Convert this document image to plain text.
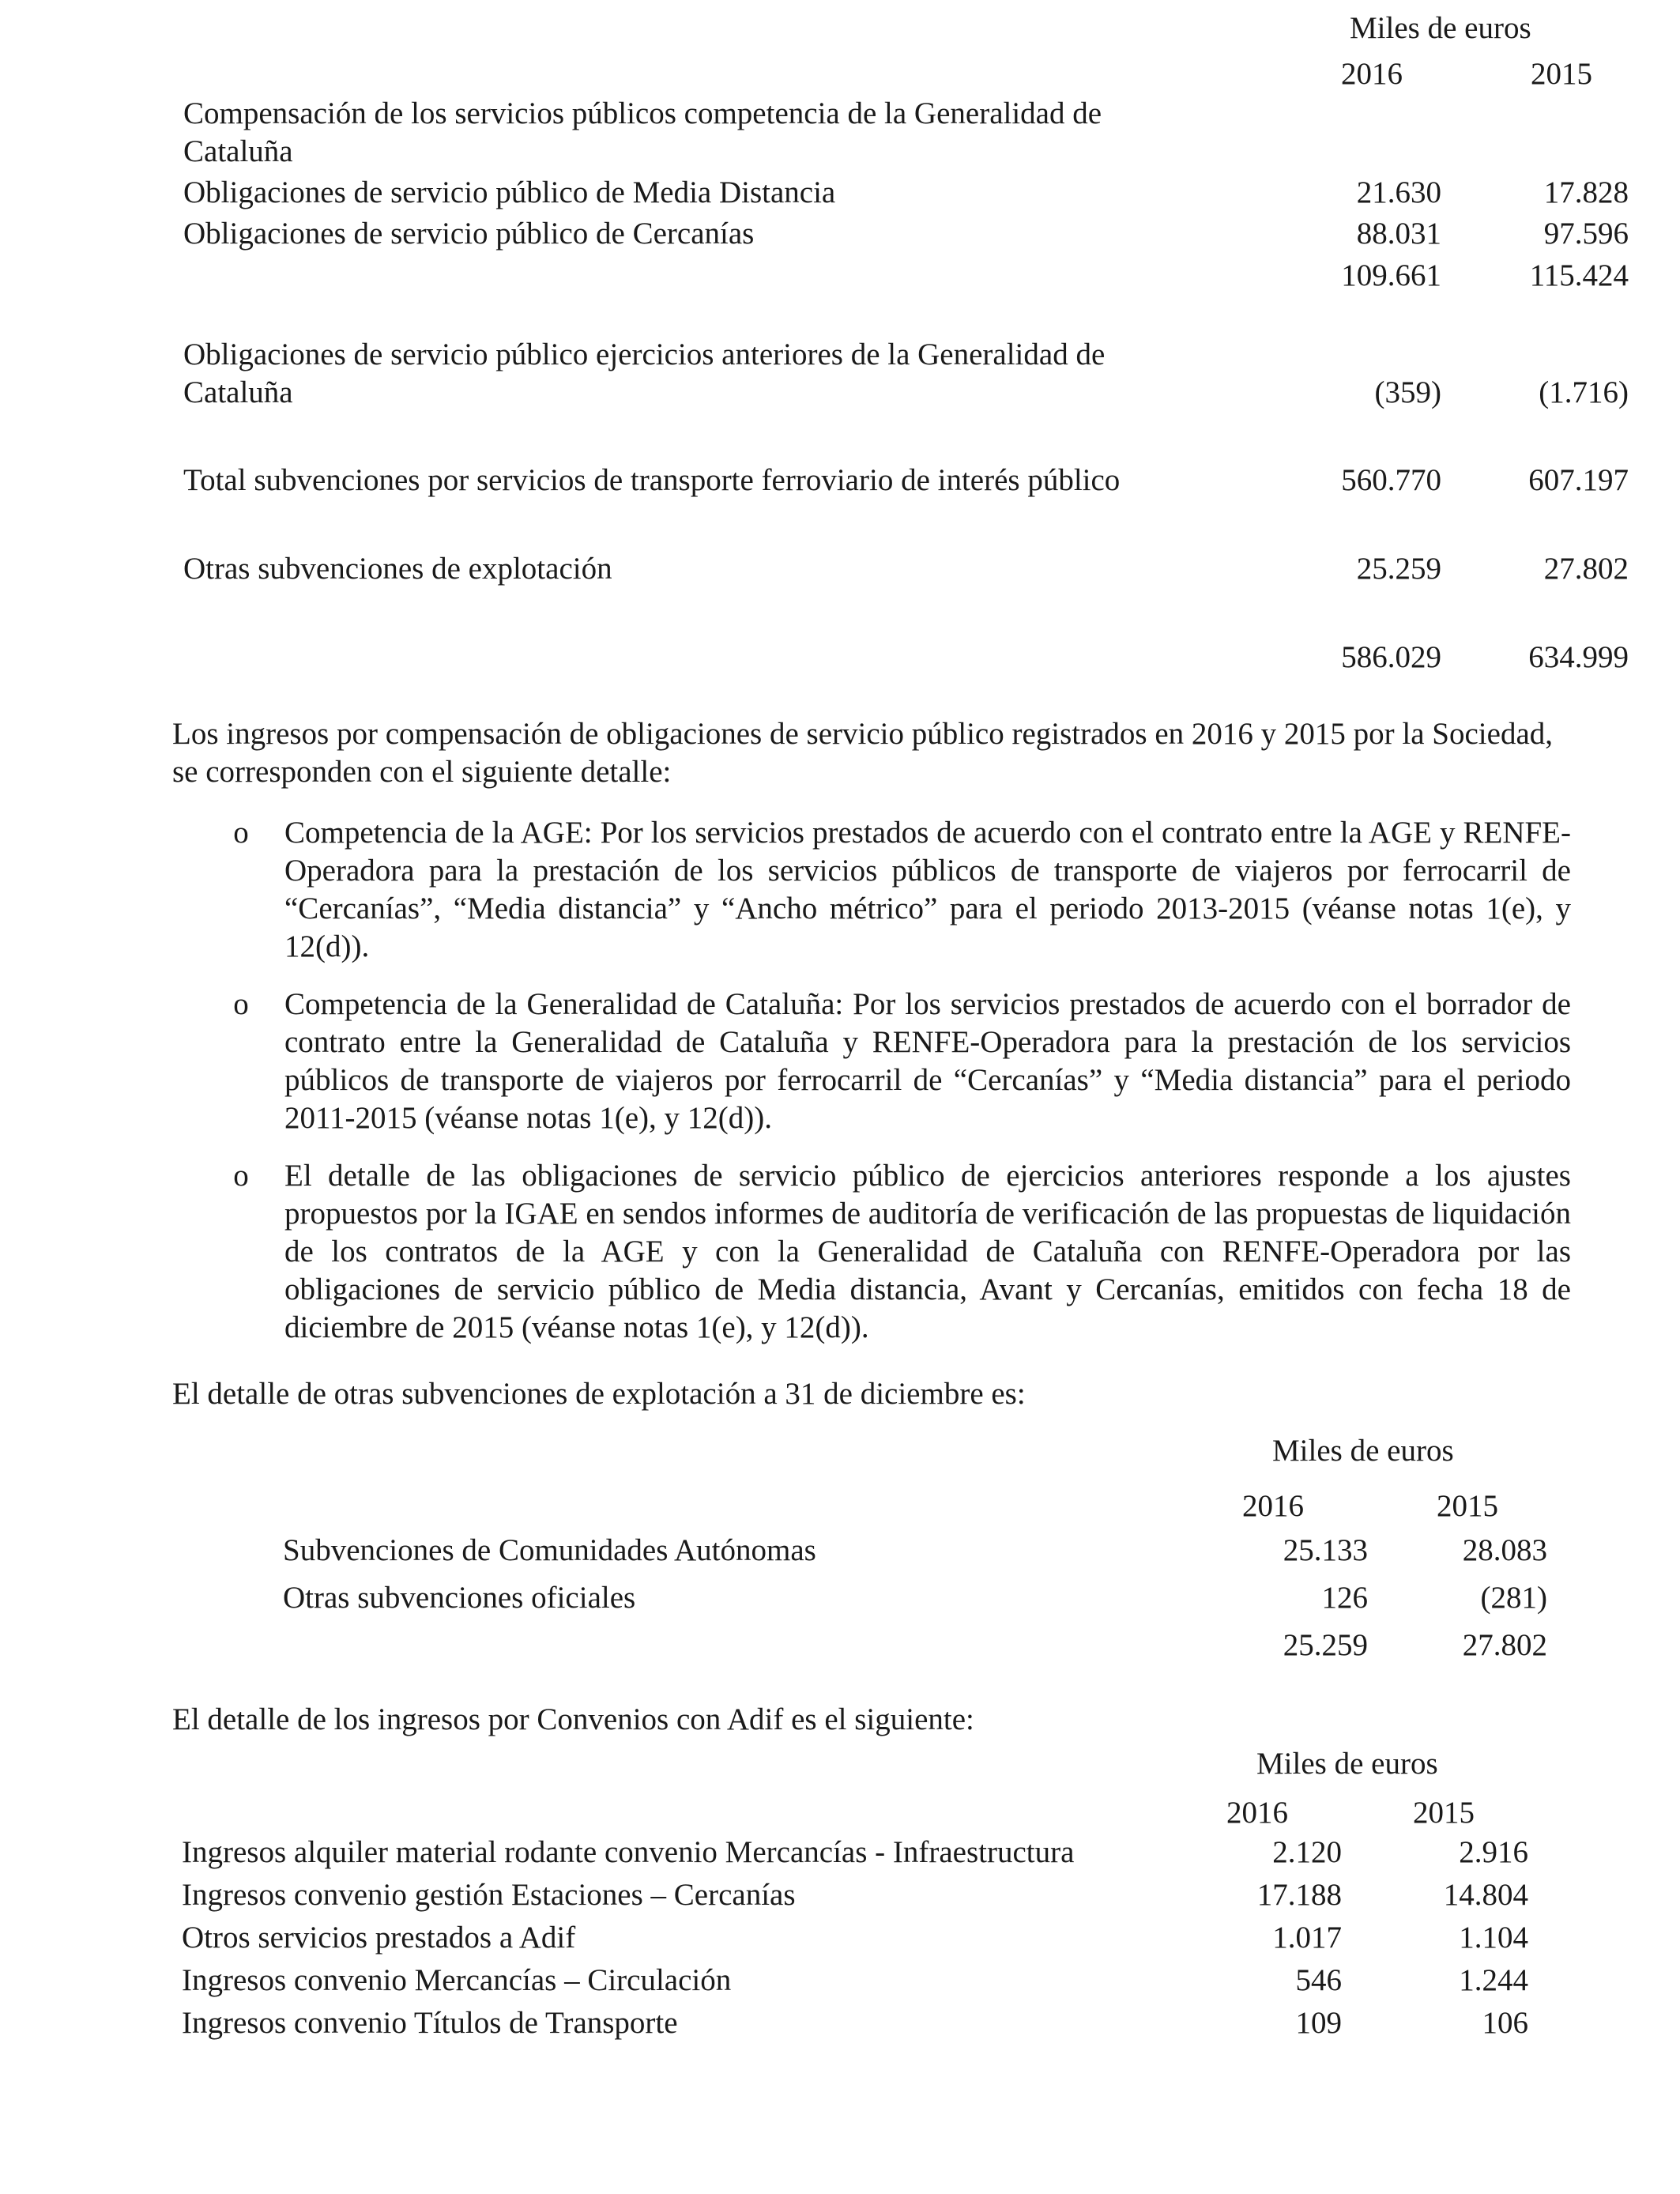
Miles de euros
2016	2015
Compensación de los servicios públicos competencia de la Generalidad de Cataluña
Obligaciones de servicio público de Media Distancia	21.630	17.828
Obligaciones de servicio público de Cercanías	88.031	97.596
109.661	115.424
Obligaciones de servicio público ejercicios anteriores de la Generalidad de Cataluña	(359)	(1.716)
Total subvenciones por servicios de transporte ferroviario de interés público	560.770	607.197
Otras subvenciones de explotación	25.259	27.802
586.029	634.999
Los ingresos por compensación de obligaciones de servicio público registrados en 2016 y 2015 por la Sociedad, se corresponden con el siguiente detalle:
o Competencia de la AGE: Por los servicios prestados de acuerdo con el contrato entre la AGE y RENFE-Operadora para la prestación de los servicios públicos de transporte de viajeros por ferrocarril de “Cercanías”, “Media distancia” y “Ancho métrico” para el periodo 2013-2015 (véanse notas 1(e), y 12(d)).
o Competencia de la Generalidad de Cataluña: Por los servicios prestados de acuerdo con el borrador de contrato entre la Generalidad de Cataluña y RENFE-Operadora para la prestación de los servicios públicos de transporte de viajeros por ferrocarril de “Cercanías” y “Media distancia” para el periodo 2011-2015 (véanse notas 1(e), y 12(d)).
o El detalle de las obligaciones de servicio público de ejercicios anteriores responde a los ajustes propuestos por la IGAE en sendos informes de auditoría de verificación de las propuestas de liquidación de los contratos de la AGE y con la Generalidad de Cataluña con RENFE-Operadora por las obligaciones de servicio público de Media distancia, Avant y Cercanías, emitidos con fecha 18 de diciembre de 2015 (véanse notas 1(e), y 12(d)).
El detalle de otras subvenciones de explotación a 31 de diciembre es:
Miles de euros
2016	2015
Subvenciones de Comunidades Autónomas	25.133	28.083
Otras subvenciones oficiales	126	(281)
25.259	27.802
El detalle de los ingresos por Convenios con Adif es el siguiente:
Miles de euros
2016	2015
Ingresos alquiler material rodante convenio Mercancías - Infraestructura	2.120	2.916
Ingresos convenio gestión Estaciones – Cercanías	17.188	14.804
Otros servicios prestados a Adif	1.017	1.104
Ingresos convenio Mercancías – Circulación	546	1.244
Ingresos convenio Títulos de Transporte	109	106
